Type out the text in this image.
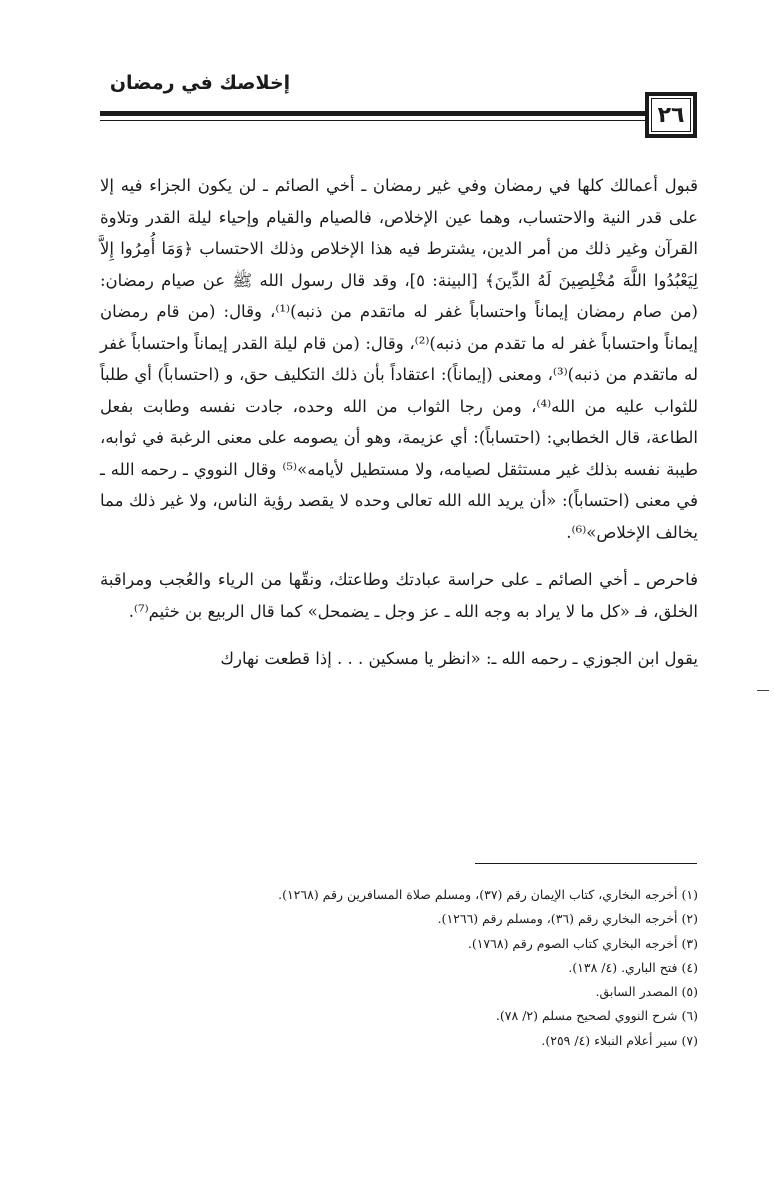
إخلاصك في رمضان
٢٦

قبول أعمالك كلها في رمضان وفي غير رمضان ـ أخي الصائم ـ لن يكون الجزاء فيه إلا على قدر النية والاحتساب، وهما عين الإخلاص، فالصيام والقيام وإحياء ليلة القدر وتلاوة القرآن وغير ذلك من أمر الدين، يشترط فيه هذا الإخلاص وذلك الاحتساب ﴿وَمَا أُمِرُوا إِلاَّ لِيَعْبُدُوا اللَّهَ مُخْلِصِينَ لَهُ الدِّينَ﴾ [البينة: ٥]، وقد قال رسول الله ﷺ عن صيام رمضان: (من صام رمضان إيماناً واحتساباً غفر له ماتقدم من ذنبه)⁽¹⁾، وقال: (من قام رمضان إيماناً واحتساباً غفر له ما تقدم من ذنبه)⁽²⁾، وقال: (من قام ليلة القدر إيماناً واحتساباً غفر له ماتقدم من ذنبه)⁽³⁾، ومعنى (إيماناً): اعتقاداً بأن ذلك التكليف حق، و (احتساباً) أي طلباً للثواب عليه من الله⁽⁴⁾، ومن رجا الثواب من الله وحده، جادت نفسه وطابت بفعل الطاعة، قال الخطابي: (احتساباً): أي عزيمة، وهو أن يصومه على معنى الرغبة في ثوابه، طيبة نفسه بذلك غير مستثقل لصيامه، ولا مستطيل لأيامه»⁽⁵⁾ وقال النووي ـ رحمه الله ـ في معنى (احتساباً): «أن يريد الله الله تعالى وحده لا يقصد رؤية الناس، ولا غير ذلك مما يخالف الإخلاص»⁽⁶⁾.

فاحرص ـ أخي الصائم ـ على حراسة عبادتك وطاعتك، ونقّها من الرياء والعُجب ومراقبة الخلق، فـ «كل ما لا يراد به وجه الله ـ عز وجل ـ يضمحل» كما قال الربيع بن خثيم⁽⁷⁾.

يقول ابن الجوزي ـ رحمه الله ـ: «انظر يا مسكين . . . إذا قطعت نهارك

(١) أخرجه البخاري، كتاب الإيمان رقم (٣٧)، ومسلم صلاة المسافرين رقم (١٢٦٨).

(٢) أخرجه البخاري رقم (٣٦)، ومسلم رقم (١٢٦٦).

(٣) أخرجه البخاري كتاب الصوم رقم (١٧٦٨).

(٤) فتح الباري. (٤/ ١٣٨).

(٥) المصدر السابق.

(٦) شرح النووي لصحيح مسلم (٢/ ٧٨).

(٧) سير أعلام النبلاء (٤/ ٢٥٩).
